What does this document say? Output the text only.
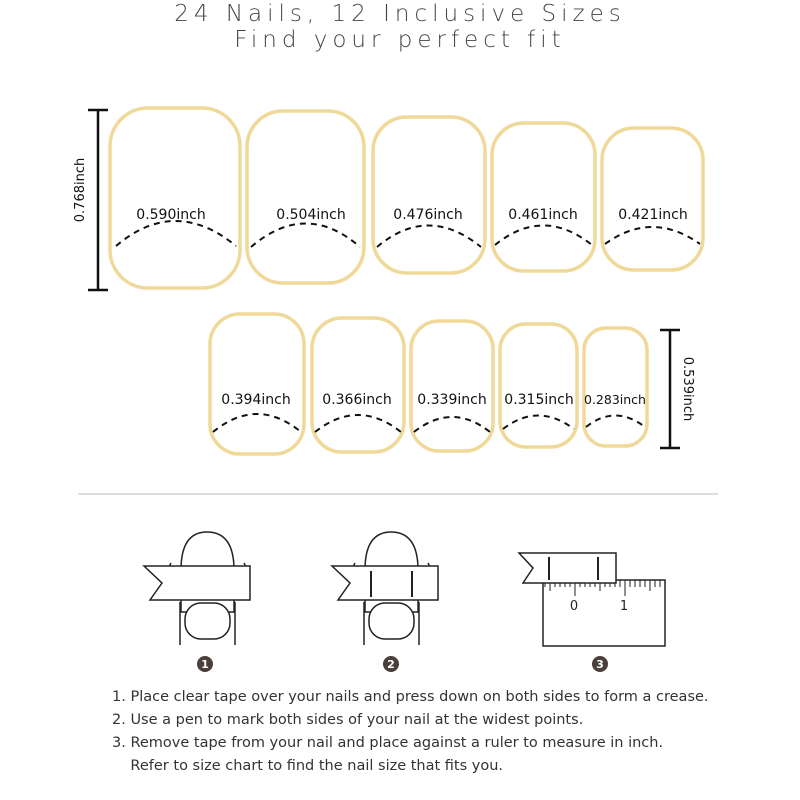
24 Nails, 12 Inclusive Sizes
Find your perfect fit
0.768inch	0.590inch	0.504inch	0.476inch	0.461inch	0.421inch
0.394inch 0.366inch 0.339inch 0.315inch 0.283inch	0.539inch
1	2
0	1
3
1. Place clear tape over your nails and press down on both sides to form a crease.
2. Use a pen to mark both sides of your nail at the widest points.
3. Remove tape from your nail and place against a ruler to measure in inch.
Refer to size chart to find the nail size that fits you.
